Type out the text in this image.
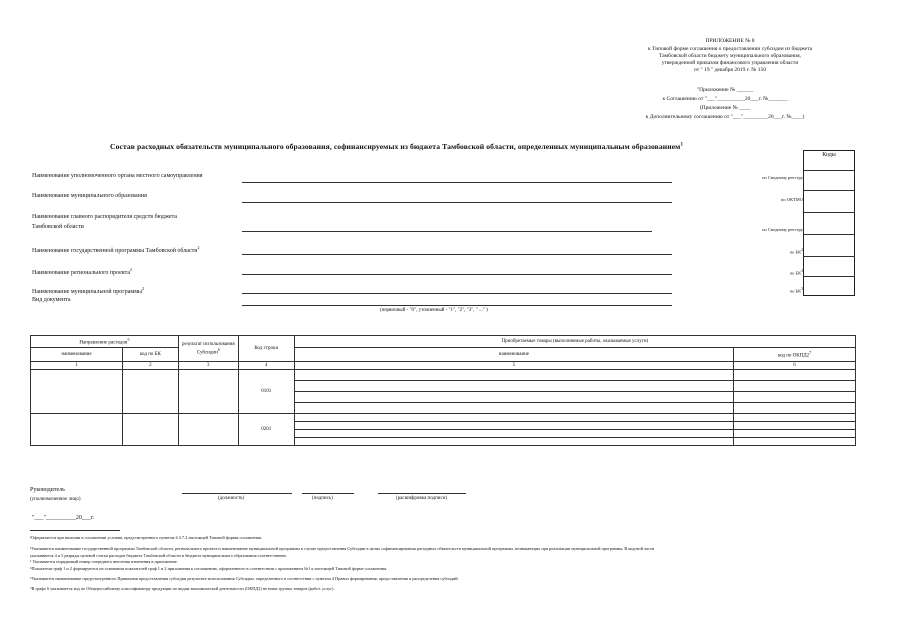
ПРИЛОЖЕНИЕ № 8
к Типовой форме соглашения о предоставлении субсидии из бюджета
Тамбовской области бюджету муниципального образования,
утвержденной приказом финансового управления области
от " 19 " декабря 2019 г. № 150
"Приложение № ______
к Соглашению от "___"__________20___г. №_______
(Приложение № ____
к Дополнительному соглашению от "___"_________20___г. №____)
Состав расходных обязательств муниципального образования, софинансируемых из бюджета Тамбовской области, определенных муниципальным образованием$^1$
Коды
Наименование уполномоченного органа местного самоуправления	по Сводному реестру
Наименование муниципального образования
по ОКТМО
Наименование главного распорядителя средств бюджета
Тамбовской области	по Сводному реестру
Наименование государственной программы Тамбовской области$^2$
по $БК^2$
Наименование регионального проекта$^2$
по $БК^3$
Наименование муниципальной программы$^2$	по $БК^3$
Вид документа
(первичный - "0", уточненный - "1", "2", "3", " ..." )
Направление расходов$^5$		результат использования Субсидии$^6$	Код строки	Приобретаемые товары (выполняемые работы, оказываемые услуги)	
наименование	код по БК			наименование	код по $ОКПД2^7$
1	2	3	4	5	6
			0101		

			0201		

Руководитель
(уполномоченное лицо)	(должность)	(подпись)	(расшифровка подписи)
"___"__________20___г.
¹Оформляется при наличии в соглашении условия, предусмотренного пунктом 4.3.7.2 настоящей Типовой формы соглашения.
²Указывается наименование государственной программы Тамбовской области, регионального проекта и наименование муниципальной программы в случае предоставления Субсидии в целях софинансирования расходных обязательств муниципальной программы, возникающих при реализации муниципальной программы. В кодовой части
указываются 4 и 5 разряды целевой статьи расходов бюджета Тамбовской области и бюджета муниципального образования соответственно.
³ Указывается порядковый номер очередного внесения изменения в приложение.
⁴Показатели граф 1 и 2 формируются на основании показателей граф 1 и 2 приложения к соглашению, оформленного в соответствии с приложением №1 к настоящей Типовой форме соглашения.
⁵Указывается наименование предусмотренного Правилами предоставления субсидии результата использования Субсидии, определенного в соответствии с пунктом 4 Правил формирования, предоставления и распределения субсидий.
⁶В графе 6 указывается код по Общероссийскому классификатору продукции по видам экономической деятельности (ОКПД2) не ниже группы товаров (работ, услуг).
